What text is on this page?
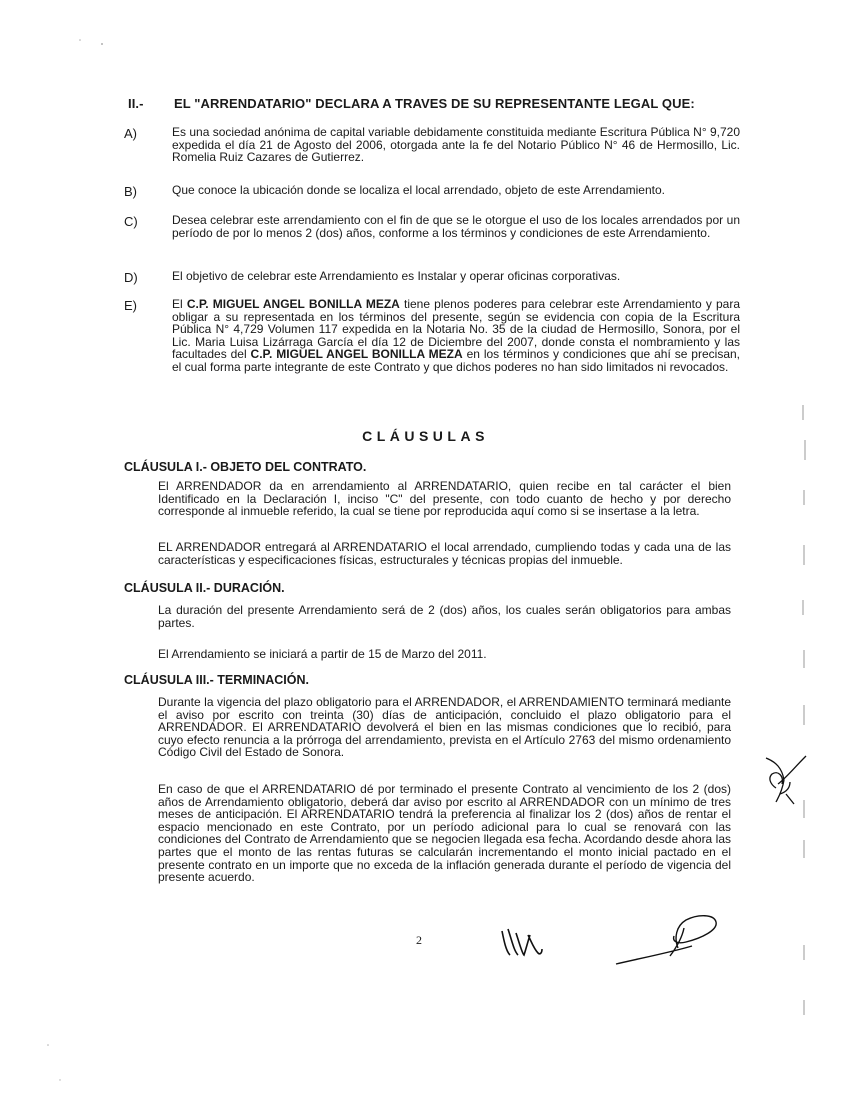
II.- EL "ARRENDATARIO" DECLARA A TRAVES DE SU REPRESENTANTE LEGAL QUE:
A)	Es una sociedad anónima de capital variable debidamente constituida mediante Escritura Pública N° 9,720 expedida el día 21 de Agosto del 2006, otorgada ante la fe del Notario Público N° 46 de Hermosillo, Lic. Romelia Ruiz Cazares de Gutierrez.
B)	Que conoce la ubicación donde se localiza el local arrendado, objeto de este Arrendamiento.
C)	Desea celebrar este arrendamiento con el fin de que se le otorgue el uso de los locales arrendados por un período de por lo menos 2 (dos) años, conforme a los términos y condiciones de este Arrendamiento.
D)	El objetivo de celebrar este Arrendamiento es Instalar y operar oficinas corporativas.
E)	El C.P. MIGUEL ANGEL BONILLA MEZA tiene plenos poderes para celebrar este Arrendamiento y para obligar a su representada en los términos del presente, según se evidencia con copia de la Escritura Pública N° 4,729 Volumen 117 expedida en la Notaria No. 35 de la ciudad de Hermosillo, Sonora, por el Lic. Maria Luisa Lizárraga García el día 12 de Diciembre del 2007, donde consta el nombramiento y las facultades del C.P. MIGUEL ANGEL BONILLA MEZA en los términos y condiciones que ahí se precisan, el cual forma parte integrante de este Contrato y que dichos poderes no han sido limitados ni revocados.
CLÁUSULAS
CLÁUSULA I.- OBJETO DEL CONTRATO.
El ARRENDADOR da en arrendamiento al ARRENDATARIO, quien recibe en tal carácter el bien Identificado en la Declaración I, inciso "C" del presente, con todo cuanto de hecho y por derecho corresponde al inmueble referido, la cual se tiene por reproducida aquí como si se insertase a la letra.
EL ARRENDADOR entregará al ARRENDATARIO el local arrendado, cumpliendo todas y cada una de las características y especificaciones físicas, estructurales y técnicas propias del inmueble.
CLÁUSULA II.- DURACIÓN.
La duración del presente Arrendamiento será de 2 (dos) años, los cuales serán obligatorios para ambas partes.
El Arrendamiento se iniciará a partir de 15 de Marzo del 2011.
CLÁUSULA III.- TERMINACIÓN.
Durante la vigencia del plazo obligatorio para el ARRENDADOR, el ARRENDAMIENTO terminará mediante el aviso por escrito con treinta (30) días de anticipación, concluido el plazo obligatorio para el ARRENDADOR. El ARRENDATARIO devolverá el bien en las mismas condiciones que lo recibió, para cuyo efecto renuncia a la prórroga del arrendamiento, prevista en el Artículo 2763 del mismo ordenamiento Código Civil del Estado de Sonora.
En caso de que el ARRENDATARIO dé por terminado el presente Contrato al vencimiento de los 2 (dos) años de Arrendamiento obligatorio, deberá dar aviso por escrito al ARRENDADOR con un mínimo de tres meses de anticipación. El ARRENDATARIO tendrá la preferencia al finalizar los 2 (dos) años de rentar el espacio mencionado en este Contrato, por un período adicional para lo cual se renovará con las condiciones del Contrato de Arrendamiento que se negocien llegada esa fecha. Acordando desde ahora las partes que el monto de las rentas futuras se calcularán incrementando el monto inicial pactado en el presente contrato en un importe que no exceda de la inflación generada durante el período de vigencia del presente acuerdo.
2
